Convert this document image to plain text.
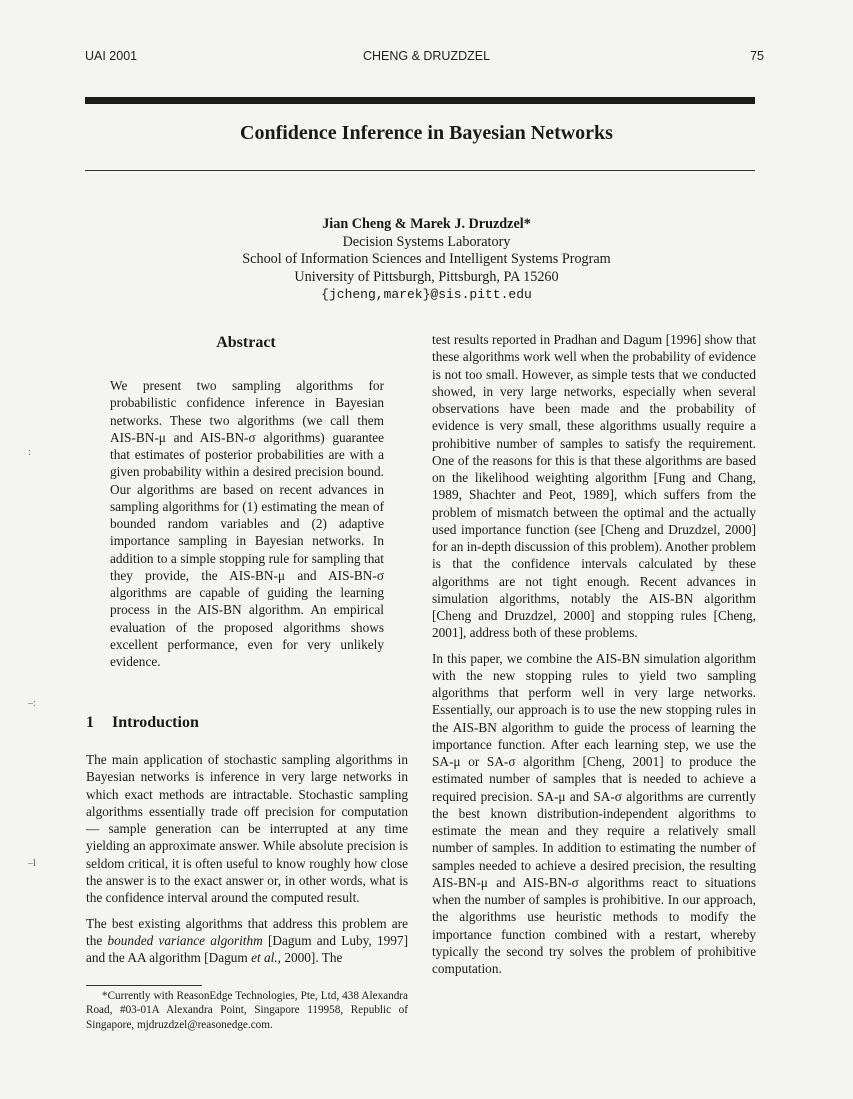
UAI 2001	CHENG & DRUZDZEL	75
Confidence Inference in Bayesian Networks
Jian Cheng & Marek J. Druzdzel*
Decision Systems Laboratory
School of Information Sciences and Intelligent Systems Program
University of Pittsburgh, Pittsburgh, PA 15260
{jcheng,marek}@sis.pitt.edu
Abstract
We present two sampling algorithms for probabilistic confidence inference in Bayesian networks. These two algorithms (we call them AIS-BN-μ and AIS-BN-σ algorithms) guarantee that estimates of posterior probabilities are with a given probability within a desired precision bound. Our algorithms are based on recent advances in sampling algorithms for (1) estimating the mean of bounded random variables and (2) adaptive importance sampling in Bayesian networks. In addition to a simple stopping rule for sampling that they provide, the AIS-BN-μ and AIS-BN-σ algorithms are capable of guiding the learning process in the AIS-BN algorithm. An empirical evaluation of the proposed algorithms shows excellent performance, even for very unlikely evidence.
1 Introduction

The main application of stochastic sampling algorithms in Bayesian networks is inference in very large networks in which exact methods are intractable. Stochastic sampling algorithms essentially trade off precision for computation — sample generation can be interrupted at any time yielding an approximate answer. While absolute precision is seldom critical, it is often useful to know roughly how close the answer is to the exact answer or, in other words, what is the confidence interval around the computed result.

The best existing algorithms that address this problem are the bounded variance algorithm [Dagum and Luby, 1997] and the AA algorithm [Dagum et al., 2000]. The

*Currently with ReasonEdge Technologies, Pte, Ltd, 438 Alexandra Road, #03-01A Alexandra Point, Singapore 119958, Republic of Singapore, mjdruzdzel@reasonedge.com.

test results reported in Pradhan and Dagum [1996] show that these algorithms work well when the probability of evidence is not too small. However, as simple tests that we conducted showed, in very large networks, especially when several observations have been made and the probability of evidence is very small, these algorithms usually require a prohibitive number of samples to satisfy the requirement. One of the reasons for this is that these algorithms are based on the likelihood weighting algorithm [Fung and Chang, 1989, Shachter and Peot, 1989], which suffers from the problem of mismatch between the optimal and the actually used importance function (see [Cheng and Druzdzel, 2000] for an in-depth discussion of this problem). Another problem is that the confidence intervals calculated by these algorithms are not tight enough. Recent advances in simulation algorithms, notably the AIS-BN algorithm [Cheng and Druzdzel, 2000] and stopping rules [Cheng, 2001], address both of these problems.

In this paper, we combine the AIS-BN simulation algorithm with the new stopping rules to yield two sampling algorithms that perform well in very large networks. Essentially, our approach is to use the new stopping rules in the AIS-BN algorithm to guide the process of learning the importance function. After each learning step, we use the SA-μ or SA-σ algorithm [Cheng, 2001] to produce the estimated number of samples that is needed to achieve a required precision. SA-μ and SA-σ algorithms are currently the best known distribution-independent algorithms to estimate the mean and they require a relatively small number of samples. In addition to estimating the number of samples needed to achieve a desired precision, the resulting AIS-BN-μ and AIS-BN-σ algorithms react to situations when the number of samples is prohibitive. In our approach, the algorithms use heuristic methods to modify the importance function combined with a restart, whereby typically the second try solves the problem of prohibitive computation.

:
–:
–l
